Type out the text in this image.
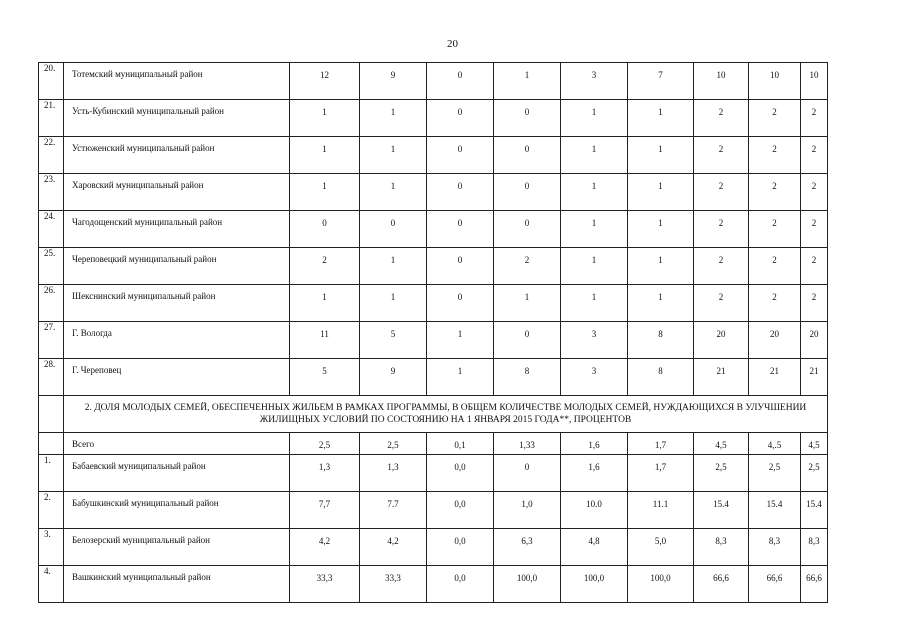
20
20.	Тотемский муниципальный район	12	9	0	1	3	7	10	10	10

21.	Усть-Кубинский муниципальный район	1	1	0	0	1	1	2	2	2

22.	Устюженский муниципальный район	1	1	0	0	1	1	2	2	2

23.	Харовский муниципальный район	1	1	0	0	1	1	2	2	2

24.	Чагодощенский муниципальный район	0	0	0	0	1	1	2	2	2

25.	Череповецкий муниципальный район	2	1	0	2	1	1	2	2	2

26.	Шекснинский муниципальный район	1	1	0	1	1	1	2	2	2

27.	Г. Вологда	11	5	1	0	3	8	20	20	20

28.	Г. Череповец	5	9	1	8	3	8	21	21	21

	2. ДОЛЯ МОЛОДЫХ СЕМЕЙ, ОБЕСПЕЧЕННЫХ ЖИЛЬЕМ В РАМКАХ ПРОГРАММЫ, В ОБЩЕМ КОЛИЧЕСТВЕ МОЛОДЫХ СЕМЕЙ, НУЖДАЮЩИХСЯ В УЛУЧШЕНИИ ЖИЛИЩНЫХ УСЛОВИЙ ПО СОСТОЯНИЮ НА 1 ЯНВАРЯ 2015 ГОДА**, ПРОЦЕНТОВ									

	Всего	2,5	2,5	0,1	1,33	1,6	1,7	4,5	4,.5	4,5

1.	Бабаевский муниципальный район	1,3	1,3	0,0	0	1,6	1,7	2,5	2,5	2,5

2.	Бабушкинский муниципальный район	7,7	7.7	0,0	1,0	10.0	11.1	15.4	15.4	15.4

3.	Белозерский муниципальный район	4,2	4,2	0,0	6,3	4,8	5,0	8,3	8,3	8,3

4.	Вашкинский муниципальный район	33,3	33,3	0,0	100,0	100,0	100,0	66,6	66,6	66,6
